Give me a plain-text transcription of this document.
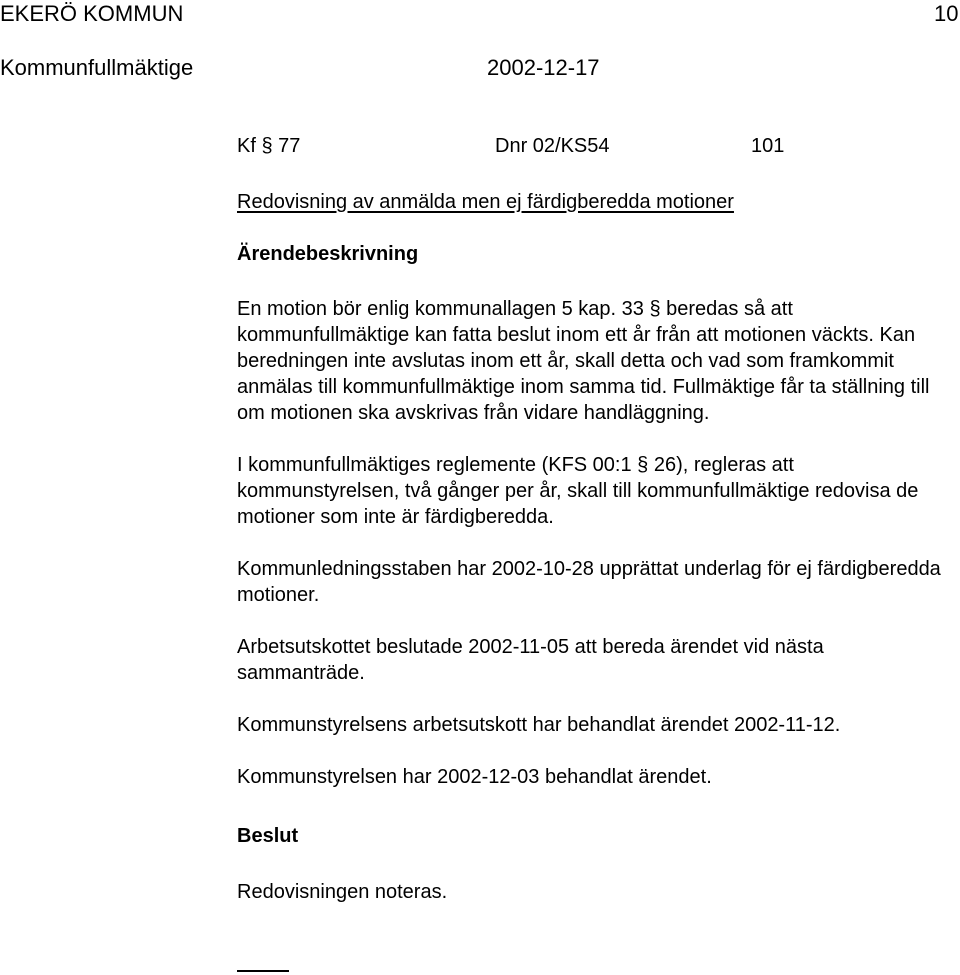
EKERÖ KOMMUN	10
Kommunfullmäktige	2002-12-17
Kf § 77	Dnr 02/KS54	101
Redovisning av anmälda men ej färdigberedda motioner
Ärendebeskrivning

En motion bör enlig kommunallagen 5 kap. 33 § beredas så att kommunfullmäktige kan fatta beslut inom ett år från att motionen väckts. Kan beredningen inte avslutas inom ett år, skall detta och vad som framkommit anmälas till kommunfullmäktige inom samma tid. Fullmäktige får ta ställning till om motionen ska avskrivas från vidare handläggning.

I kommunfullmäktiges reglemente (KFS 00:1 § 26), regleras att kommunstyrelsen, två gånger per år, skall till kommunfullmäktige redovisa de motioner som inte är färdigberedda.

Kommunledningsstaben har 2002-10-28 upprättat underlag för ej färdigberedda motioner.

Arbetsutskottet beslutade 2002-11-05 att bereda ärendet vid nästa sammanträde.

Kommunstyrelsens arbetsutskott har behandlat ärendet 2002-11-12.

Kommunstyrelsen har 2002-12-03 behandlat ärendet.

Beslut

Redovisningen noteras.
